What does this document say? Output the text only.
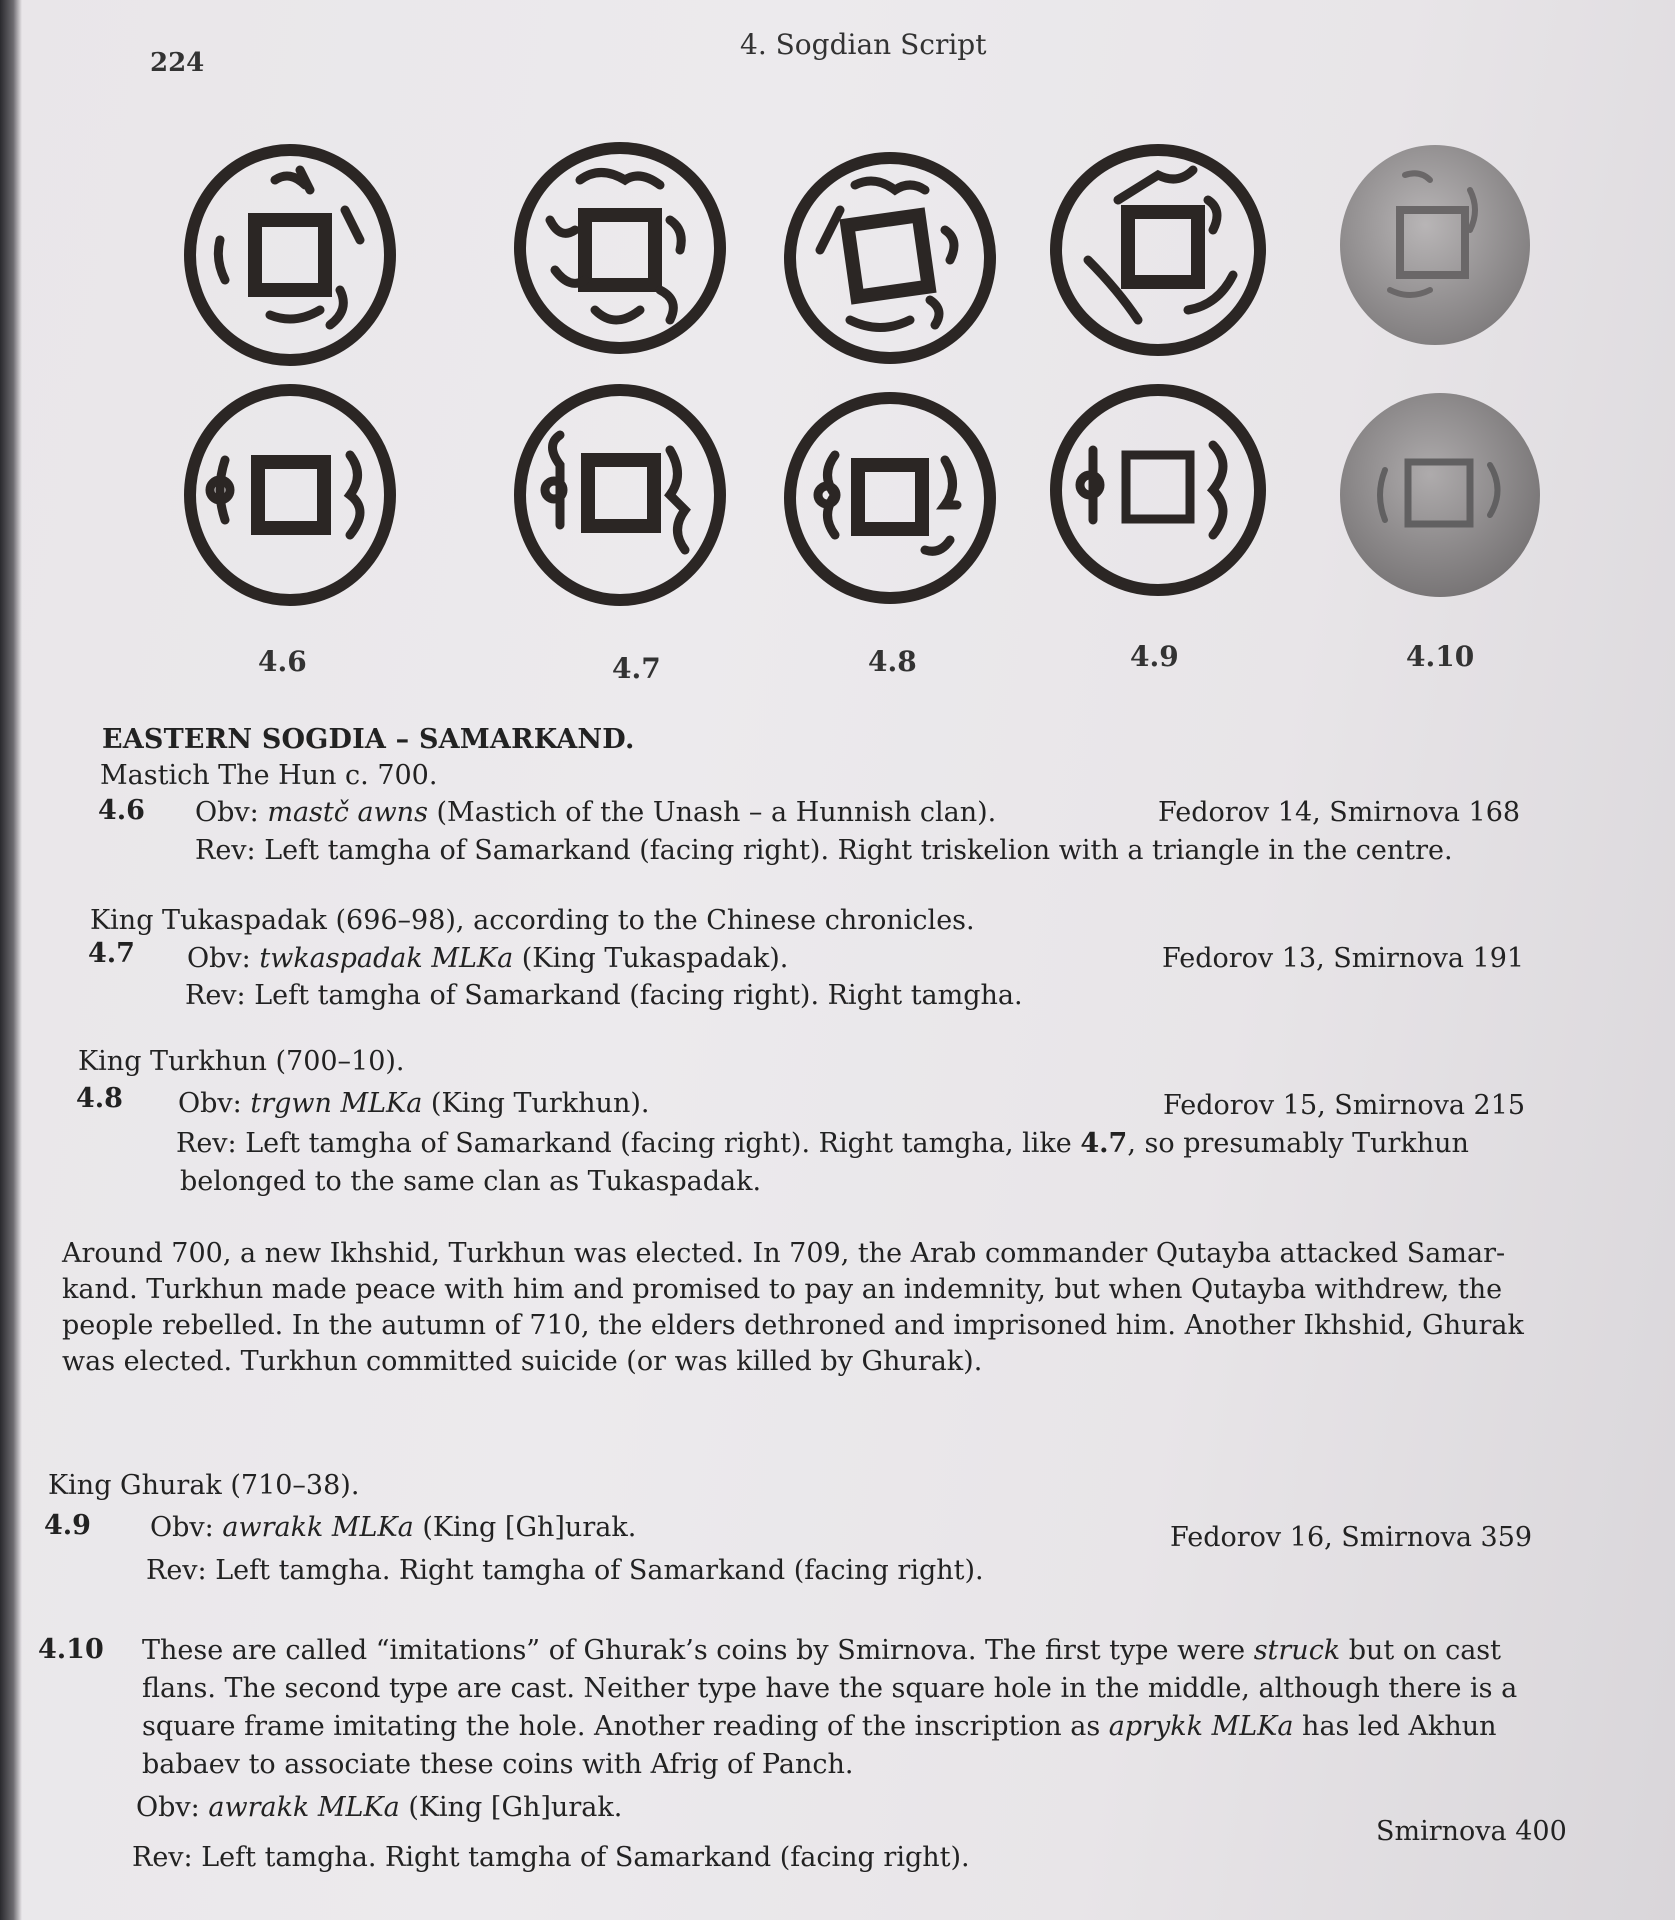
224
4. Sogdian Script
4.6	4.7	4.8	4.9	4.10
EASTERN SOGDIA – SAMARKAND.
Mastich The Hun c. 700.
4.6 Obv: mastč awns (Mastich of the Unash – a Hunnish clan).	Fedorov 14, Smirnova 168
Rev: Left tamgha of Samarkand (facing right). Right triskelion with a triangle in the centre.
King Tukaspadak (696–98), according to the Chinese chronicles.
4.7 Obv: twkaspadak MLKa (King Tukaspadak).	Fedorov 13, Smirnova 191
Rev: Left tamgha of Samarkand (facing right). Right tamgha.
King Turkhun (700–10).
4.8 Obv: trgwn MLKa (King Turkhun).	Fedorov 15, Smirnova 215
Rev: Left tamgha of Samarkand (facing right). Right tamgha, like 4.7, so presumably Turkhun
belonged to the same clan as Tukaspadak.
Around 700, a new Ikhshid, Turkhun was elected. In 709, the Arab commander Qutayba attacked Samar-
kand. Turkhun made peace with him and promised to pay an indemnity, but when Qutayba withdrew, the
people rebelled. In the autumn of 710, the elders dethroned and imprisoned him. Another Ikhshid, Ghurak
was elected. Turkhun committed suicide (or was killed by Ghurak).
King Ghurak (710–38).
4.9 Obv: awrakk MLKa (King [Gh]urak.	Fedorov 16, Smirnova 359
Rev: Left tamgha. Right tamgha of Samarkand (facing right).
4.10 These are called “imitations” of Ghurak’s coins by Smirnova. The first type were struck but on cast
flans. The second type are cast. Neither type have the square hole in the middle, although there is a
square frame imitating the hole. Another reading of the inscription as aprykk MLKa has led Akhun
babaev to associate these coins with Afrig of Panch.
Obv: awrakk MLKa (King [Gh]urak.
Smirnova 400
Rev: Left tamgha. Right tamgha of Samarkand (facing right).
